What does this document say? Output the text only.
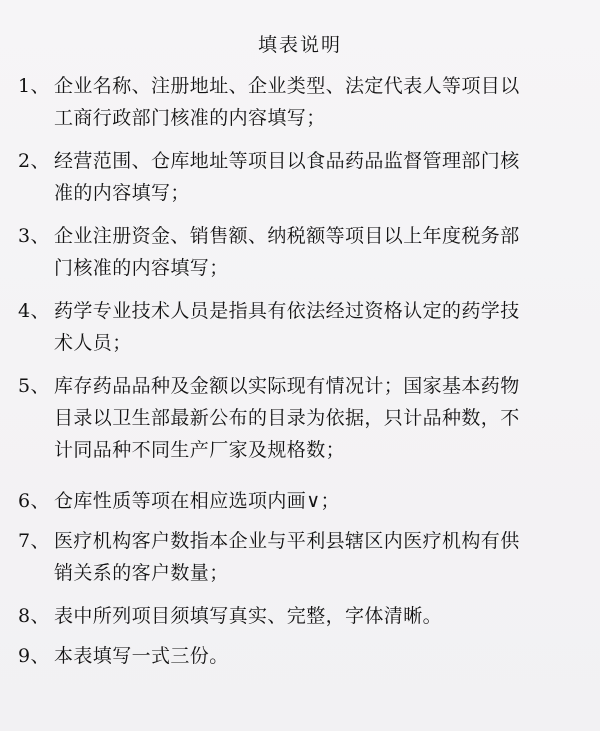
填表说明
1、 企业名称、注册地址、企业类型、法定代表人等项目以
工商行政部门核准的内容填写；
2、 经营范围、仓库地址等项目以食品药品监督管理部门核
准的内容填写；
3、 企业注册资金、销售额、纳税额等项目以上年度税务部
门核准的内容填写；
4、 药学专业技术人员是指具有依法经过资格认定的药学技
术人员；
5、 库存药品品种及金额以实际现有情况计；国家基本药物
目录以卫生部最新公布的目录为依据，只计品种数，不
计同品种不同生产厂家及规格数；
6、 仓库性质等项在相应选项内画∨；
7、 医疗机构客户数指本企业与平利县辖区内医疗机构有供
销关系的客户数量；
8、 表中所列项目须填写真实、完整，字体清晰。
9、 本表填写一式三份。
